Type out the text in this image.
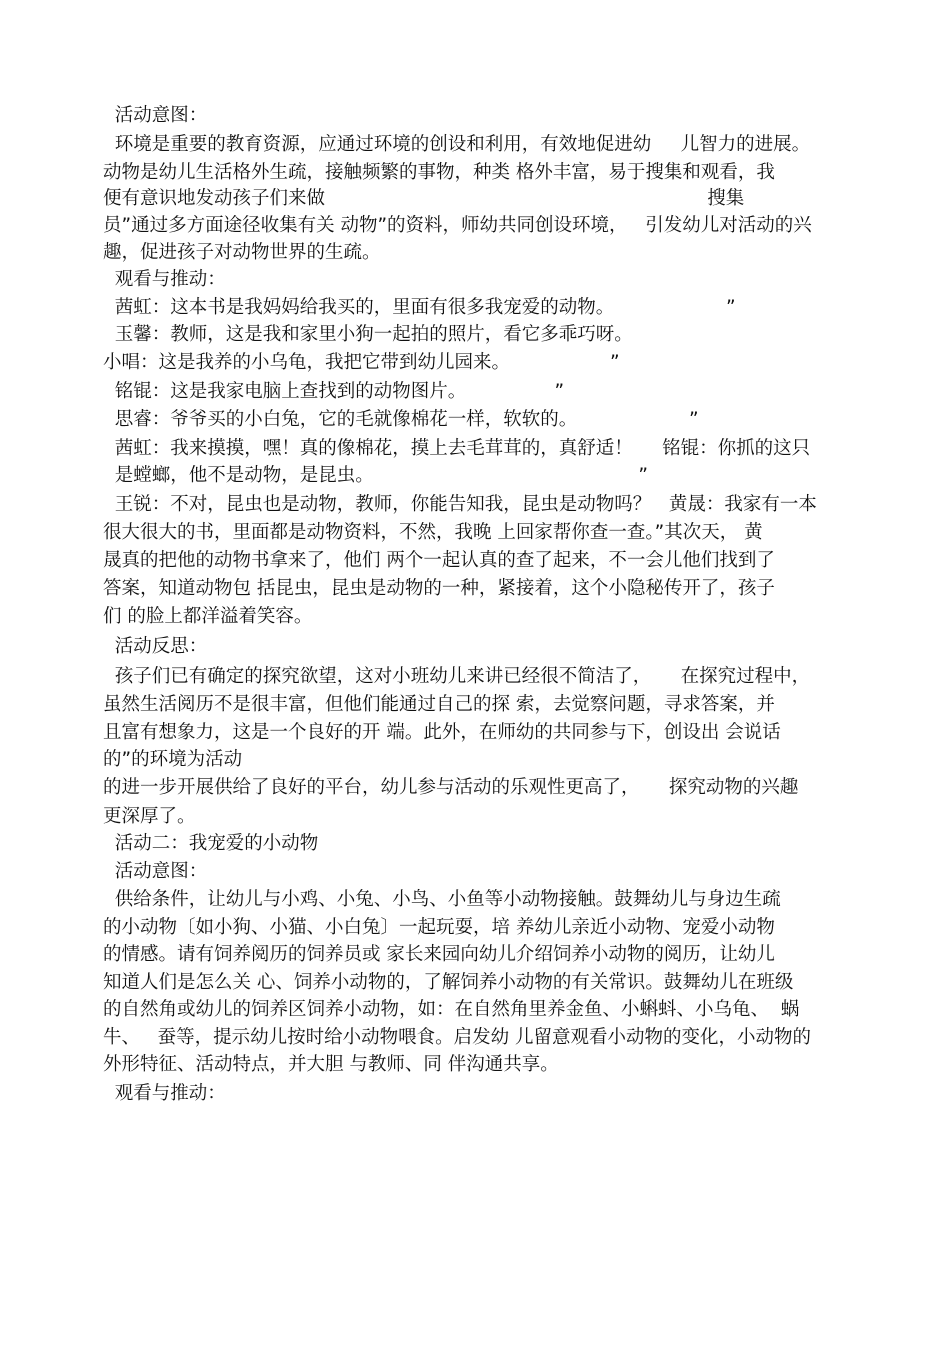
活动意图：
环境是重要的教育资源，应通过环境的创设和利用，有效地促进幼     儿智力的进展。
动物是幼儿生活格外生疏，接触频繁的事物，种类 格外丰富，易于搜集和观看，我
便有意识地发动孩子们来做                                                                 搜集
员”通过多方面途径收集有关 动物”的资料，师幼共同创设环境，   引发幼儿对活动的兴
趣，促进孩子对动物世界的生疏。
观看与推动：
茜虹：这本书是我妈妈给我买的，里面有很多我宠爱的动物。                   ”
玉馨：教师，这是我和家里小狗一起拍的照片，看它多乖巧呀。
小唱：这是我养的小乌龟，我把它带到幼儿园来。                 ”
铭锟：这是我家电脑上查找到的动物图片。               ”
思睿：爷爷买的小白兔，它的毛就像棉花一样，软软的。                   ”
茜虹：我来摸摸，嘿！真的像棉花，摸上去毛茸茸的，真舒适！     铭锟：你抓的这只
是螳螂，他不是动物，是昆虫。                                             ”
王锐：不对，昆虫也是动物，教师，你能告知我，昆虫是动物吗？   黄晟：我家有一本
很大很大的书，里面都是动物资料，不然，我晚 上回家帮你查一查。”其次天， 黄
晟真的把他的动物书拿来了，他们 两个一起认真的查了起来，不一会儿他们找到了
答案，知道动物包 括昆虫，昆虫是动物的一种，紧接着，这个小隐秘传开了，孩子
们 的脸上都洋溢着笑容。
活动反思：
孩子们已有确定的探究欲望，这对小班幼儿来讲已经很不简洁了，     在探究过程中，
虽然生活阅历不是很丰富，但他们能通过自己的探 索，去觉察问题，寻求答案，并
且富有想象力，这是一个良好的开 端。此外，在师幼的共同参与下，创设出 会说话
的”的环境为活动
的进一步开展供给了良好的平台，幼儿参与活动的乐观性更高了，     探究动物的兴趣
更深厚了。
活动二：我宠爱的小动物
活动意图：
供给条件，让幼儿与小鸡、小兔、小鸟、小鱼等小动物接触。鼓舞幼儿与身边生疏
的小动物〔如小狗、小猫、小白兔〕一起玩耍，培 养幼儿亲近小动物、宠爱小动物
的情感。请有饲养阅历的饲养员或 家长来园向幼儿介绍饲养小动物的阅历，让幼儿
知道人们是怎么关 心、饲养小动物的，了解饲养小动物的有关常识。鼓舞幼儿在班级
的自然角或幼儿的饲养区饲养小动物，如：在自然角里养金鱼、小蝌蚪、小乌龟、  蜗
牛、   蚕等，提示幼儿按时给小动物喂食。启发幼 儿留意观看小动物的变化，小动物的
外形特征、活动特点，并大胆 与教师、同 伴沟通共享。
观看与推动：
